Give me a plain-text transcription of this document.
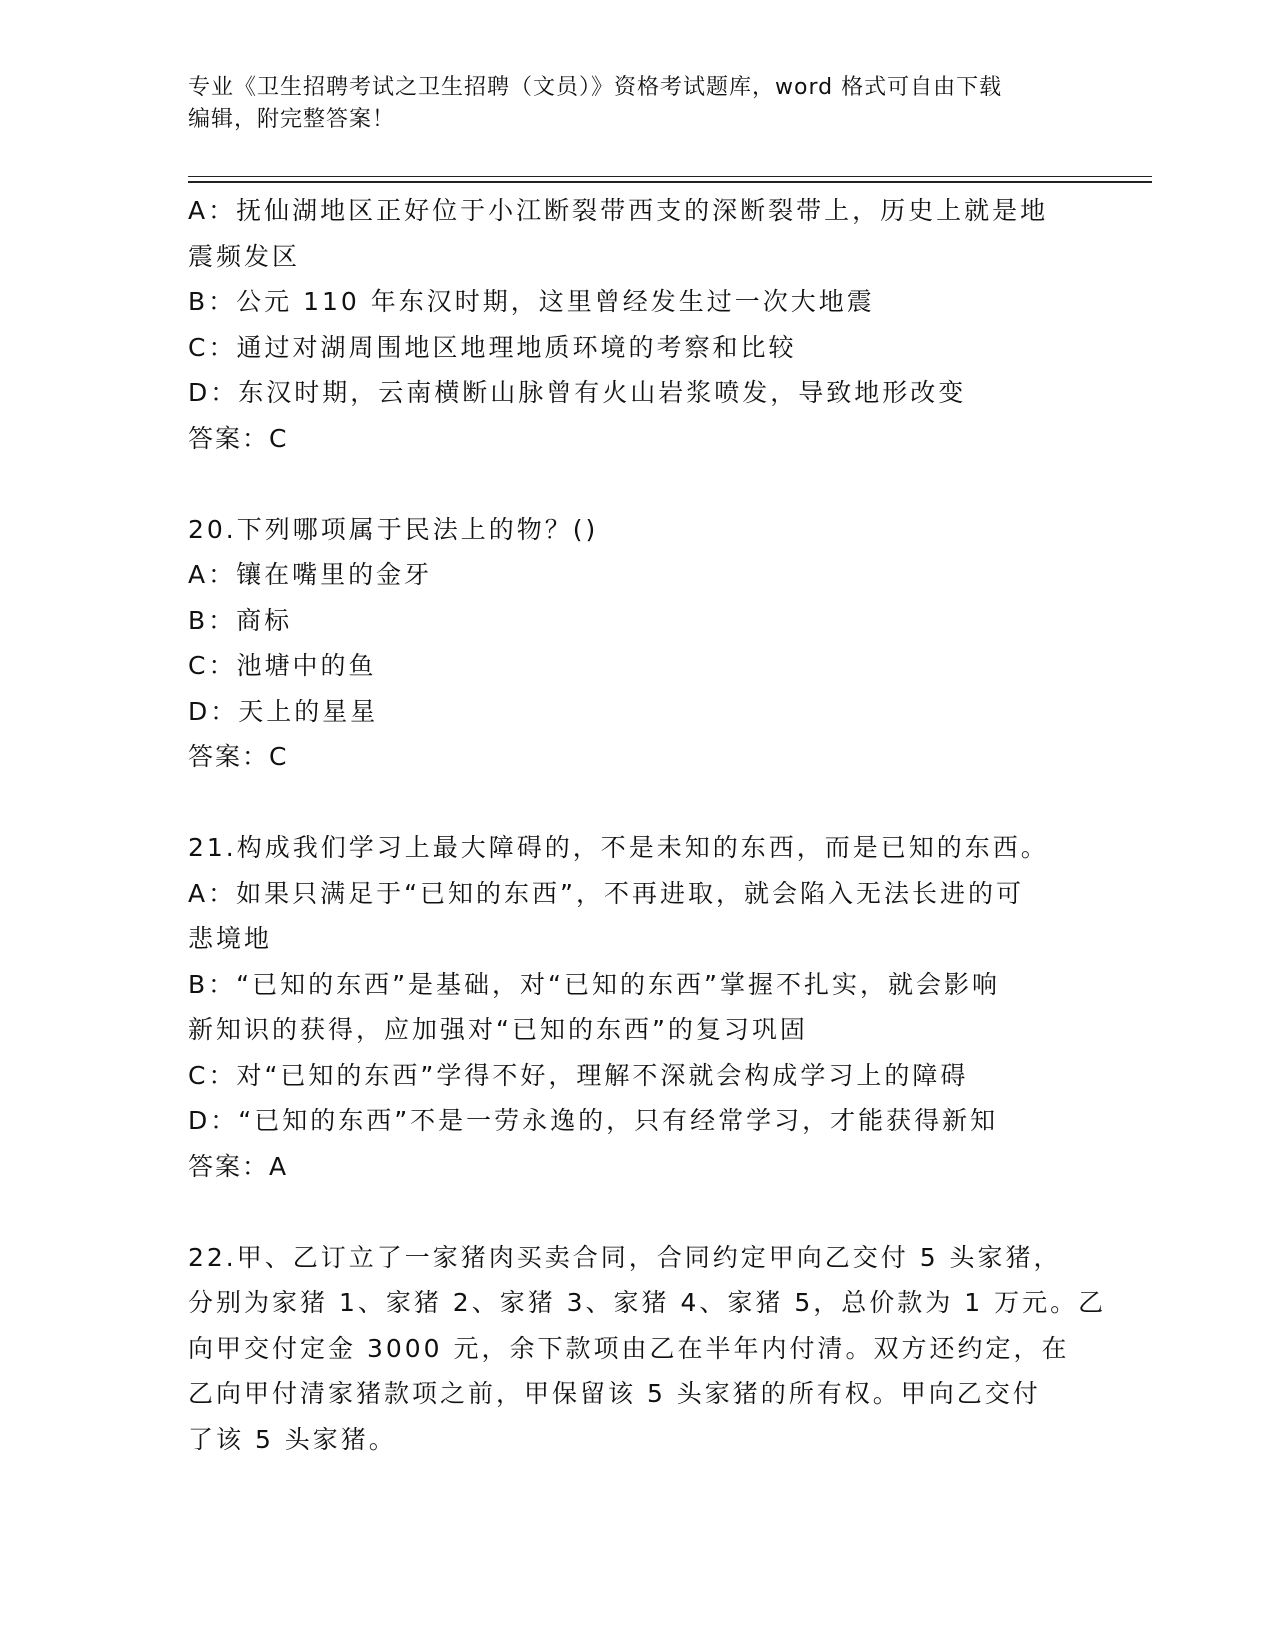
专业《卫生招聘考试之卫生招聘（文员）》资格考试题库，word 格式可自由下载
编辑，附完整答案！
A：抚仙湖地区正好位于小江断裂带西支的深断裂带上，历史上就是地
震频发区
B：公元 110 年东汉时期，这里曾经发生过一次大地震
C：通过对湖周围地区地理地质环境的考察和比较
D：东汉时期，云南横断山脉曾有火山岩浆喷发，导致地形改变
答案：C
20.下列哪项属于民法上的物？()
A：镶在嘴里的金牙
B：商标
C：池塘中的鱼
D：天上的星星
答案：C
21.构成我们学习上最大障碍的，不是未知的东西，而是已知的东西。
A：如果只满足于“已知的东西”，不再进取，就会陷入无法长进的可
悲境地
B：“已知的东西”是基础，对“已知的东西”掌握不扎实，就会影响
新知识的获得，应加强对“已知的东西”的复习巩固
C：对“已知的东西”学得不好，理解不深就会构成学习上的障碍
D：“已知的东西”不是一劳永逸的，只有经常学习，才能获得新知
答案：A
22.甲、乙订立了一家猪肉买卖合同，合同约定甲向乙交付 5 头家猪，
分别为家猪 1、家猪 2、家猪 3、家猪 4、家猪 5，总价款为 1 万元。乙
向甲交付定金 3000 元，余下款项由乙在半年内付清。双方还约定，在
乙向甲付清家猪款项之前，甲保留该 5 头家猪的所有权。甲向乙交付
了该 5 头家猪。
